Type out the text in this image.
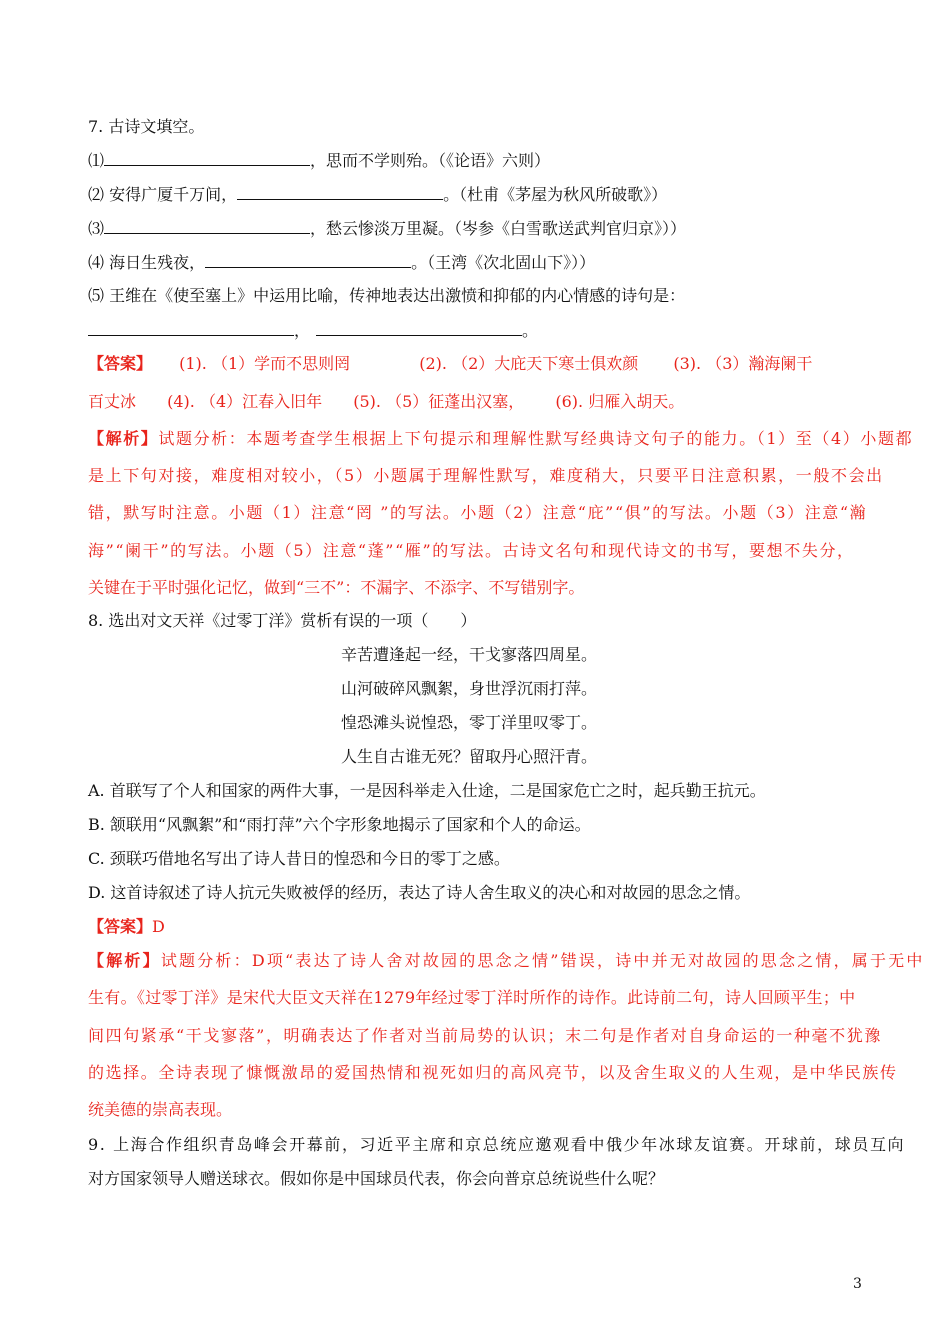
7. 古诗文填空。
⑴	，思而不学则殆。（《论语》六则）
⑵ 安得广厦千万间，	。（杜甫《茅屋为秋风所破歌》）
⑶	，愁云惨淡万里凝。（岑参《白雪歌送武判官归京》））
⑷ 海日生残夜，	。（王湾《次北固山下》））
⑸ 王维在《使至塞上》中运用比喻，传神地表达出激愤和抑郁的内心情感的诗句是：
，	。
【答案】 (1). （1）学而不思则罔	(2). （2）大庇天下寒士俱欢颜 (3). （3）瀚海阑干
百丈冰 (4). （4）江春入旧年 (5). （5）征蓬出汉塞， (6). 归雁入胡天。
【解析】试题分析：本题考查学生根据上下句提示和理解性默写经典诗文句子的能力。（1）至（4）小题都
是上下句对接，难度相对较小，（5）小题属于理解性默写，难度稍大，只要平日注意积累，一般不会出
错，默写时注意。小题（1）注意“罔 ”的写法。小题（2）注意“庇”“俱”的写法。小题（3）注意“瀚
海”“阑干”的写法。小题（5）注意“蓬”“雁”的写法。古诗文名句和现代诗文的书写，要想不失分，
关键在于平时强化记忆，做到“三不”：不漏字、不添字、不写错别字。
8. 选出对文天祥《过零丁洋》赏析有误的一项（　　）
辛苦遭逢起一经，干戈寥落四周星。
山河破碎风飘絮，身世浮沉雨打萍。
惶恐滩头说惶恐，零丁洋里叹零丁。
人生自古谁无死？留取丹心照汗青。
A. 首联写了个人和国家的两件大事，一是因科举走入仕途，二是国家危亡之时，起兵勤王抗元。
B. 颔联用“风飘絮”和“雨打萍”六个字形象地揭示了国家和个人的命运。
C. 颈联巧借地名写出了诗人昔日的惶恐和今日的零丁之感。
D. 这首诗叙述了诗人抗元失败被俘的经历，表达了诗人舍生取义的决心和对故园的思念之情。
【答案】D
【解析】试题分析：D项“表达了诗人舍对故园的思念之情”错误，诗中并无对故园的思念之情，属于无中
生有。《过零丁洋》是宋代大臣文天祥在1279年经过零丁洋时所作的诗作。此诗前二句，诗人回顾平生；中
间四句紧承“干戈寥落”，明确表达了作者对当前局势的认识；末二句是作者对自身命运的一种毫不犹豫
的选择。全诗表现了慷慨激昂的爱国热情和视死如归的高风亮节，以及舍生取义的人生观，是中华民族传
统美德的崇高表现。
9. 上海合作组织青岛峰会开幕前，习近平主席和京总统应邀观看中俄少年冰球友谊赛。开球前，球员互向
对方国家领导人赠送球衣。假如你是中国球员代表，你会向普京总统说些什么呢？
3
